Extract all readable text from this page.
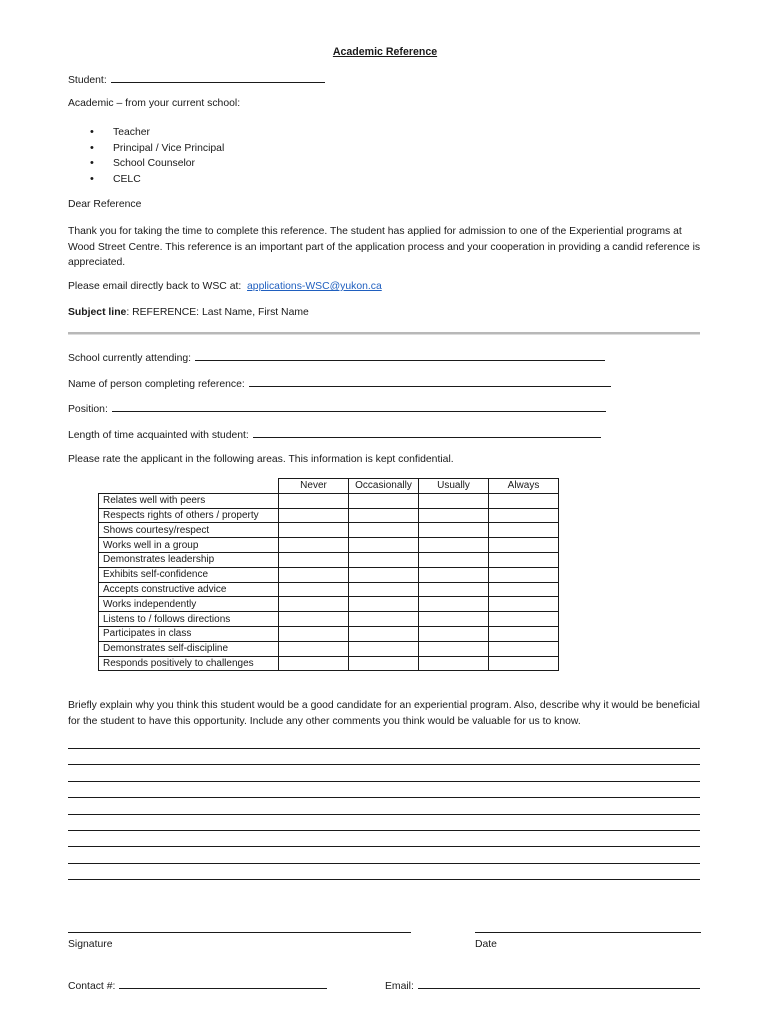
Academic Reference
Student:
Academic – from your current school:
• Teacher
• Principal / Vice Principal
• School Counselor
• CELC
Dear Reference
Thank you for taking the time to complete this reference. The student has applied for admission to one of the Experiential programs at Wood Street Centre. This reference is an important part of the application process and your cooperation in providing a candid reference is appreciated.
Please email directly back to WSC at: applications-WSC@yukon.ca
Subject line: REFERENCE: Last Name, First Name
School currently attending:
Name of person completing reference:
Position:
Length of time acquainted with student:
Please rate the applicant in the following areas. This information is kept confidential.
	Never	Occasionally	Usually	Always
Relates well with peers				
Respects rights of others / property				
Shows courtesy/respect				
Works well in a group				
Demonstrates leadership				
Exhibits self-confidence				
Accepts constructive advice				
Works independently				
Listens to / follows directions				
Participates in class				
Demonstrates self-discipline				
Responds positively to challenges				
Briefly explain why you think this student would be a good candidate for an experiential program. Also, describe why it would be beneficial for the student to have this opportunity. Include any other comments you think would be valuable for us to know.
Signature	Date
Contact #:	Email:
